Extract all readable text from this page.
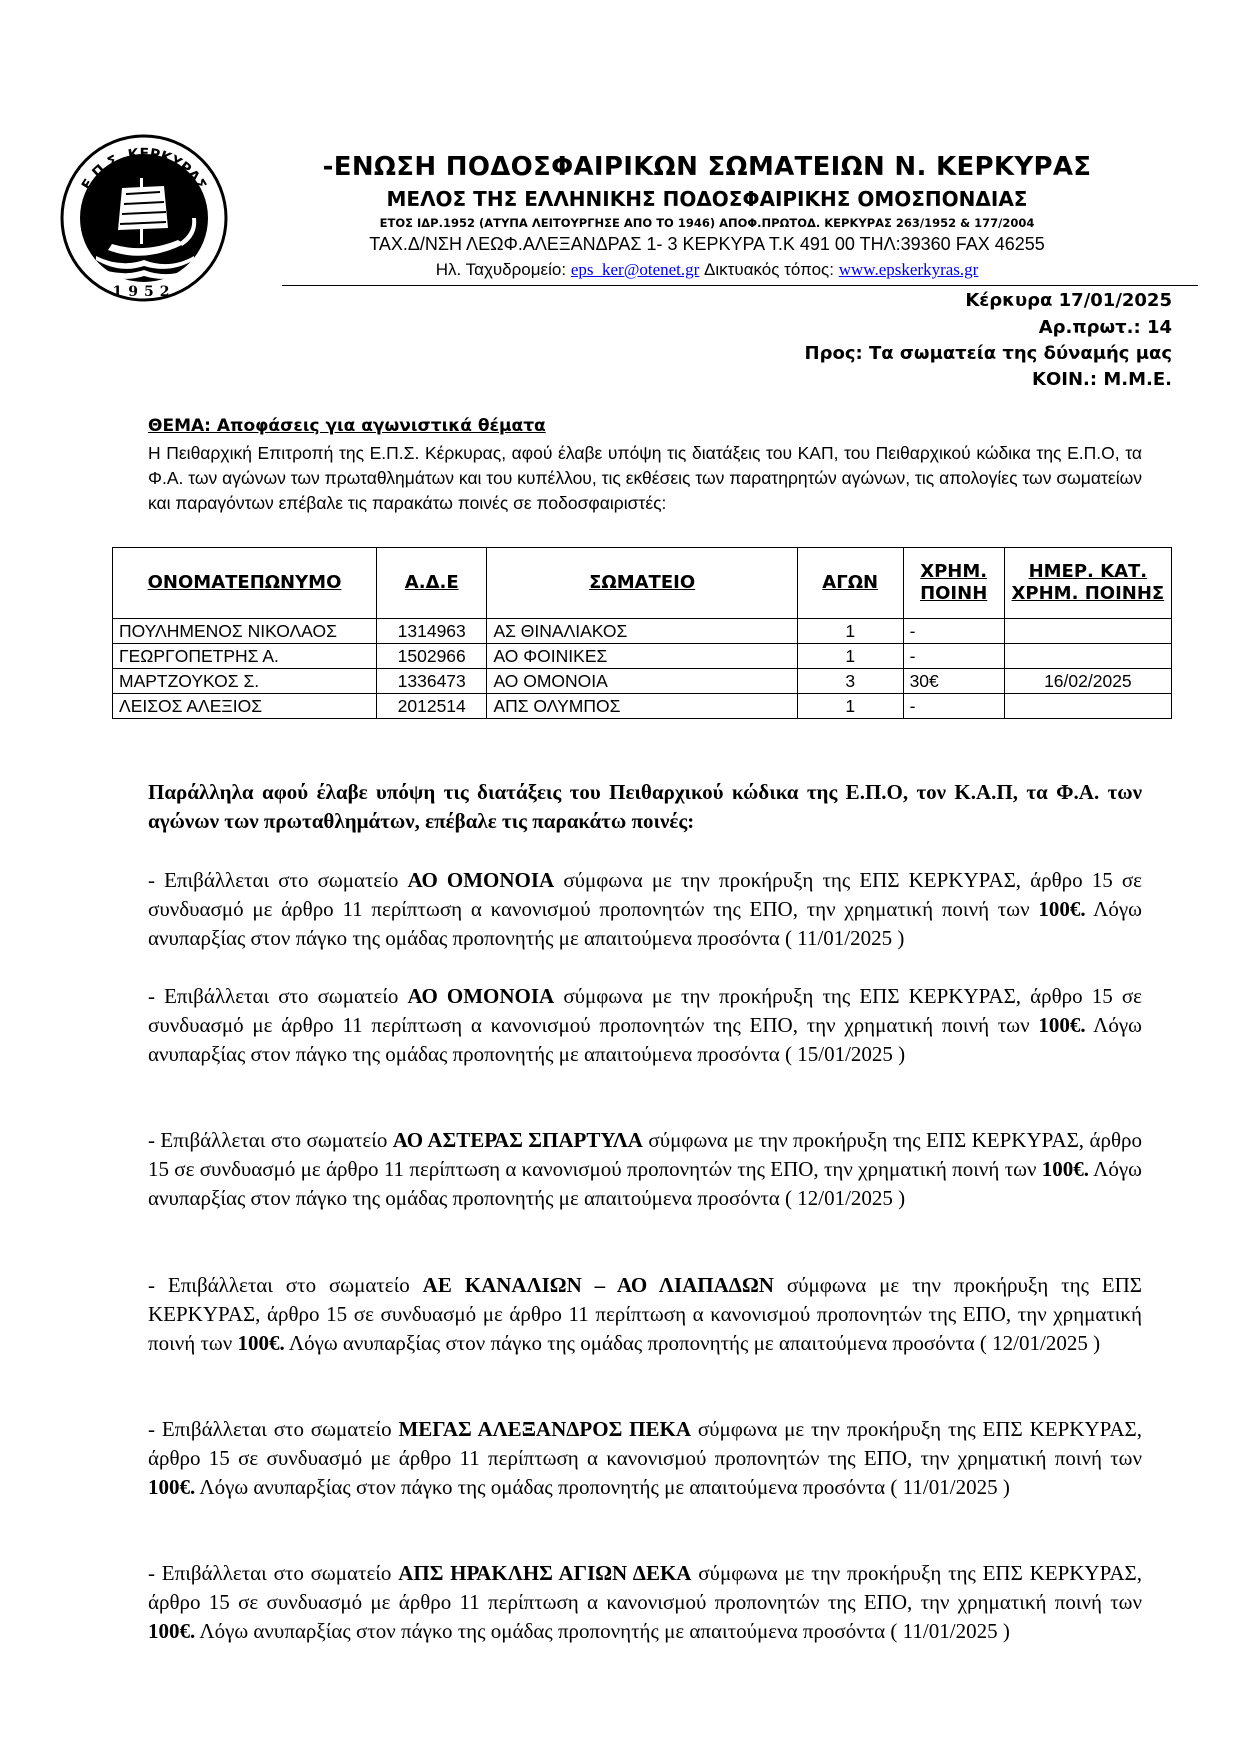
Ε.Π.Σ. ΚΕΡΚΥΡΑΣ
1952
-ΕΝΩΣΗ ΠΟΔΟΣΦΑΙΡΙΚΩΝ ΣΩΜΑΤΕΙΩΝ Ν. ΚΕΡΚΥΡΑΣ
ΜΕΛΟΣ ΤΗΣ ΕΛΛΗΝΙΚΗΣ ΠΟΔΟΣΦΑΙΡΙΚΗΣ ΟΜΟΣΠΟΝΔΙΑΣ
ΕΤΟΣ ΙΔΡ.1952 (ΑΤΥΠΑ ΛΕΙΤΟΥΡΓΗΣΕ ΑΠΟ ΤΟ 1946) ΑΠΟΦ.ΠΡΩΤΟΔ. ΚΕΡΚΥΡΑΣ 263/1952 & 177/2004
ΤΑΧ.Δ/ΝΣΗ ΛΕΩΦ.ΑΛΕΞΑΝΔΡΑΣ 1- 3 ΚΕΡΚΥΡΑ Τ.Κ 491 00 ΤΗΛ:39360 FAX 46255
Ηλ. Ταχυδρομείο: eps_ker@otenet.gr Δικτυακός τόπος: www.epskerkyras.gr
Κέρκυρα 17/01/2025
Αρ.πρωτ.: 14
Προς: Τα σωματεία της δύναμής μας
ΚΟΙΝ.: Μ.Μ.Ε.
ΘΕΜΑ: Αποφάσεις για αγωνιστικά θέματα
Η Πειθαρχική Επιτροπή της Ε.Π.Σ. Κέρκυρας, αφού έλαβε υπόψη τις διατάξεις του ΚΑΠ, του Πειθαρχικού κώδικα της Ε.Π.Ο, τα Φ.Α. των αγώνων των πρωταθλημάτων και του κυπέλλου, τις εκθέσεις των παρατηρητών αγώνων, τις απολογίες των σωματείων και παραγόντων επέβαλε τις παρακάτω ποινές σε ποδοσφαιριστές:
ΟΝΟΜΑΤΕΠΩΝΥΜΟ	Α.Δ.Ε	ΣΩΜΑΤΕΙΟ	ΑΓΩΝ	ΧΡΗΜ.
ΠΟΙΝΗ	ΗΜΕΡ. ΚΑΤ.
ΧΡΗΜ. ΠΟΙΝΗΣ
ΠΟΥΛΗΜΕΝΟΣ ΝΙΚΟΛΑΟΣ	1314963	ΑΣ ΘΙΝΑΛΙΑΚΟΣ	1	-	
ΓΕΩΡΓΟΠΕΤΡΗΣ Α.	1502966	ΑΟ ΦΟΙΝΙΚΕΣ	1	-	
ΜΑΡΤΖΟΥΚΟΣ Σ.	1336473	ΑΟ ΟΜΟΝΟΙΑ	3	30€	16/02/2025
ΛΕΙΣΟΣ ΑΛΕΞΙΟΣ	2012514	ΑΠΣ ΟΛΥΜΠΟΣ	1	-	
Παράλληλα αφού έλαβε υπόψη τις διατάξεις του Πειθαρχικού κώδικα της Ε.Π.Ο, τον Κ.Α.Π, τα Φ.Α. των αγώνων των πρωταθλημάτων, επέβαλε τις παρακάτω ποινές:
- Επιβάλλεται στο σωματείο ΑΟ ΟΜΟΝΟΙΑ σύμφωνα με την προκήρυξη της ΕΠΣ ΚΕΡΚΥΡΑΣ, άρθρο 15 σε συνδυασμό με άρθρο 11 περίπτωση α κανονισμού προπονητών της ΕΠΟ, την χρηματική ποινή των 100€. Λόγω ανυπαρξίας στον πάγκο της ομάδας προπονητής με απαιτούμενα προσόντα ( 11/01/2025 )
- Επιβάλλεται στο σωματείο ΑΟ ΟΜΟΝΟΙΑ σύμφωνα με την προκήρυξη της ΕΠΣ ΚΕΡΚΥΡΑΣ, άρθρο 15 σε συνδυασμό με άρθρο 11 περίπτωση α κανονισμού προπονητών της ΕΠΟ, την χρηματική ποινή των 100€. Λόγω ανυπαρξίας στον πάγκο της ομάδας προπονητής με απαιτούμενα προσόντα ( 15/01/2025 )
- Επιβάλλεται στο σωματείο ΑΟ ΑΣΤΕΡΑΣ ΣΠΑΡΤΥΛΑ σύμφωνα με την προκήρυξη της ΕΠΣ ΚΕΡΚΥΡΑΣ, άρθρο 15 σε συνδυασμό με άρθρο 11 περίπτωση α κανονισμού προπονητών της ΕΠΟ, την χρηματική ποινή των 100€. Λόγω ανυπαρξίας στον πάγκο της ομάδας προπονητής με απαιτούμενα προσόντα ( 12/01/2025 )
- Επιβάλλεται στο σωματείο ΑΕ ΚΑΝΑΛΙΩΝ – ΑΟ ΛΙΑΠΑΔΩΝ σύμφωνα με την προκήρυξη της ΕΠΣ ΚΕΡΚΥΡΑΣ, άρθρο 15 σε συνδυασμό με άρθρο 11 περίπτωση α κανονισμού προπονητών της ΕΠΟ, την χρηματική ποινή των 100€. Λόγω ανυπαρξίας στον πάγκο της ομάδας προπονητής με απαιτούμενα προσόντα ( 12/01/2025 )
- Επιβάλλεται στο σωματείο ΜΕΓΑΣ ΑΛΕΞΑΝΔΡΟΣ ΠΕΚΑ σύμφωνα με την προκήρυξη της ΕΠΣ ΚΕΡΚΥΡΑΣ, άρθρο 15 σε συνδυασμό με άρθρο 11 περίπτωση α κανονισμού προπονητών της ΕΠΟ, την χρηματική ποινή των 100€. Λόγω ανυπαρξίας στον πάγκο της ομάδας προπονητής με απαιτούμενα προσόντα ( 11/01/2025 )
- Επιβάλλεται στο σωματείο ΑΠΣ ΗΡΑΚΛΗΣ ΑΓΙΩΝ ΔΕΚΑ σύμφωνα με την προκήρυξη της ΕΠΣ ΚΕΡΚΥΡΑΣ, άρθρο 15 σε συνδυασμό με άρθρο 11 περίπτωση α κανονισμού προπονητών της ΕΠΟ, την χρηματική ποινή των 100€. Λόγω ανυπαρξίας στον πάγκο της ομάδας προπονητής με απαιτούμενα προσόντα ( 11/01/2025 )
